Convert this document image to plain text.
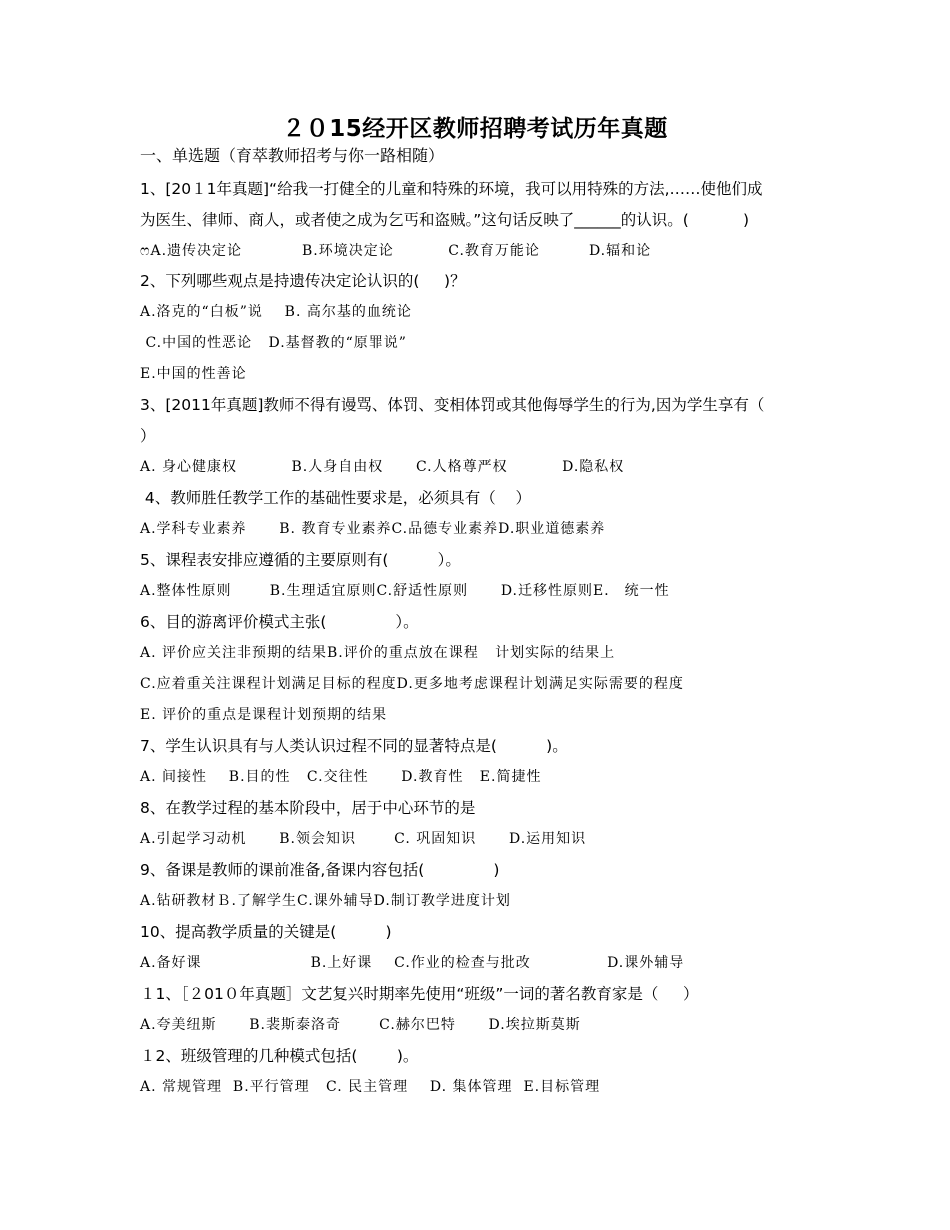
２０15经开区教师招聘考试历年真题
一、单选题（育萃教师招考与你一路相随）
1、[20１1年真题]“给我一打健全的儿童和特殊的环境，我可以用特殊的方法,……使他们成
为医生、律师、商人，或者使之成为乞丐和盗贼。”这句话反映了______的认识。(           )
ෆA.遗传决定论           B.环境决定论          C.教育万能论         D.辐和论
2、下列哪些观点是持遗传决定论认识的(     )？
A.洛克的“白板”说    B. 高尔基的血统论
C.中国的性恶论   D.基督教的“原罪说”
E.中国的性善论
3、[2011年真题]教师不得有谩骂、体罚、变相体罚或其他侮辱学生的行为,因为学生享有（
）
A. 身心健康权          B.人身自由权      C.人格尊严权          D.隐私权
4、教师胜任教学工作的基础性要求是，必须具有（    ）
A.学科专业素养      B. 教育专业素养C.品德专业素养D.职业道德素养
5、课程表安排应遵循的主要原则有(          ）。
A.整体性原则       B.生理适宜原则C.舒适性原则      D.迁移性原则E． 统一性
6、目的游离评价模式主张(              ）。
A. 评价应关注非预期的结果B.评价的重点放在课程   计划实际的结果上
C.应着重关注课程计划满足目标的程度D.更多地考虑课程计划满足实际需要的程度
E. 评价的重点是课程计划预期的结果
7、学生认识具有与人类认识过程不同的显著特点是(          )。
A. 间接性    B.目的性   C.交往性      D.教育性   E.简捷性
8、在教学过程的基本阶段中，居于中心环节的是
A.引起学习动机      B.领会知识       C. 巩固知识      D.运用知识
9、备课是教师的课前准备,备课内容包括(              )
A.钻研教材Ｂ.了解学生C.课外辅导D.制订教学进度计划
10、提高教学质量的关键是(          )
A.备好课                    B.上好课    C.作业的检查与批改              D.课外辅导
１1、［２01０年真题］文艺复兴时期率先使用“班级”一词的著名教育家是（     ）
A.夸美纽斯      B.裴斯泰洛奇       C.赫尔巴特      D.埃拉斯莫斯
１2、班级管理的几种模式包括(        )。
A. 常规管理  B.平行管理   C. 民主管理    D. 集体管理  E.目标管理
